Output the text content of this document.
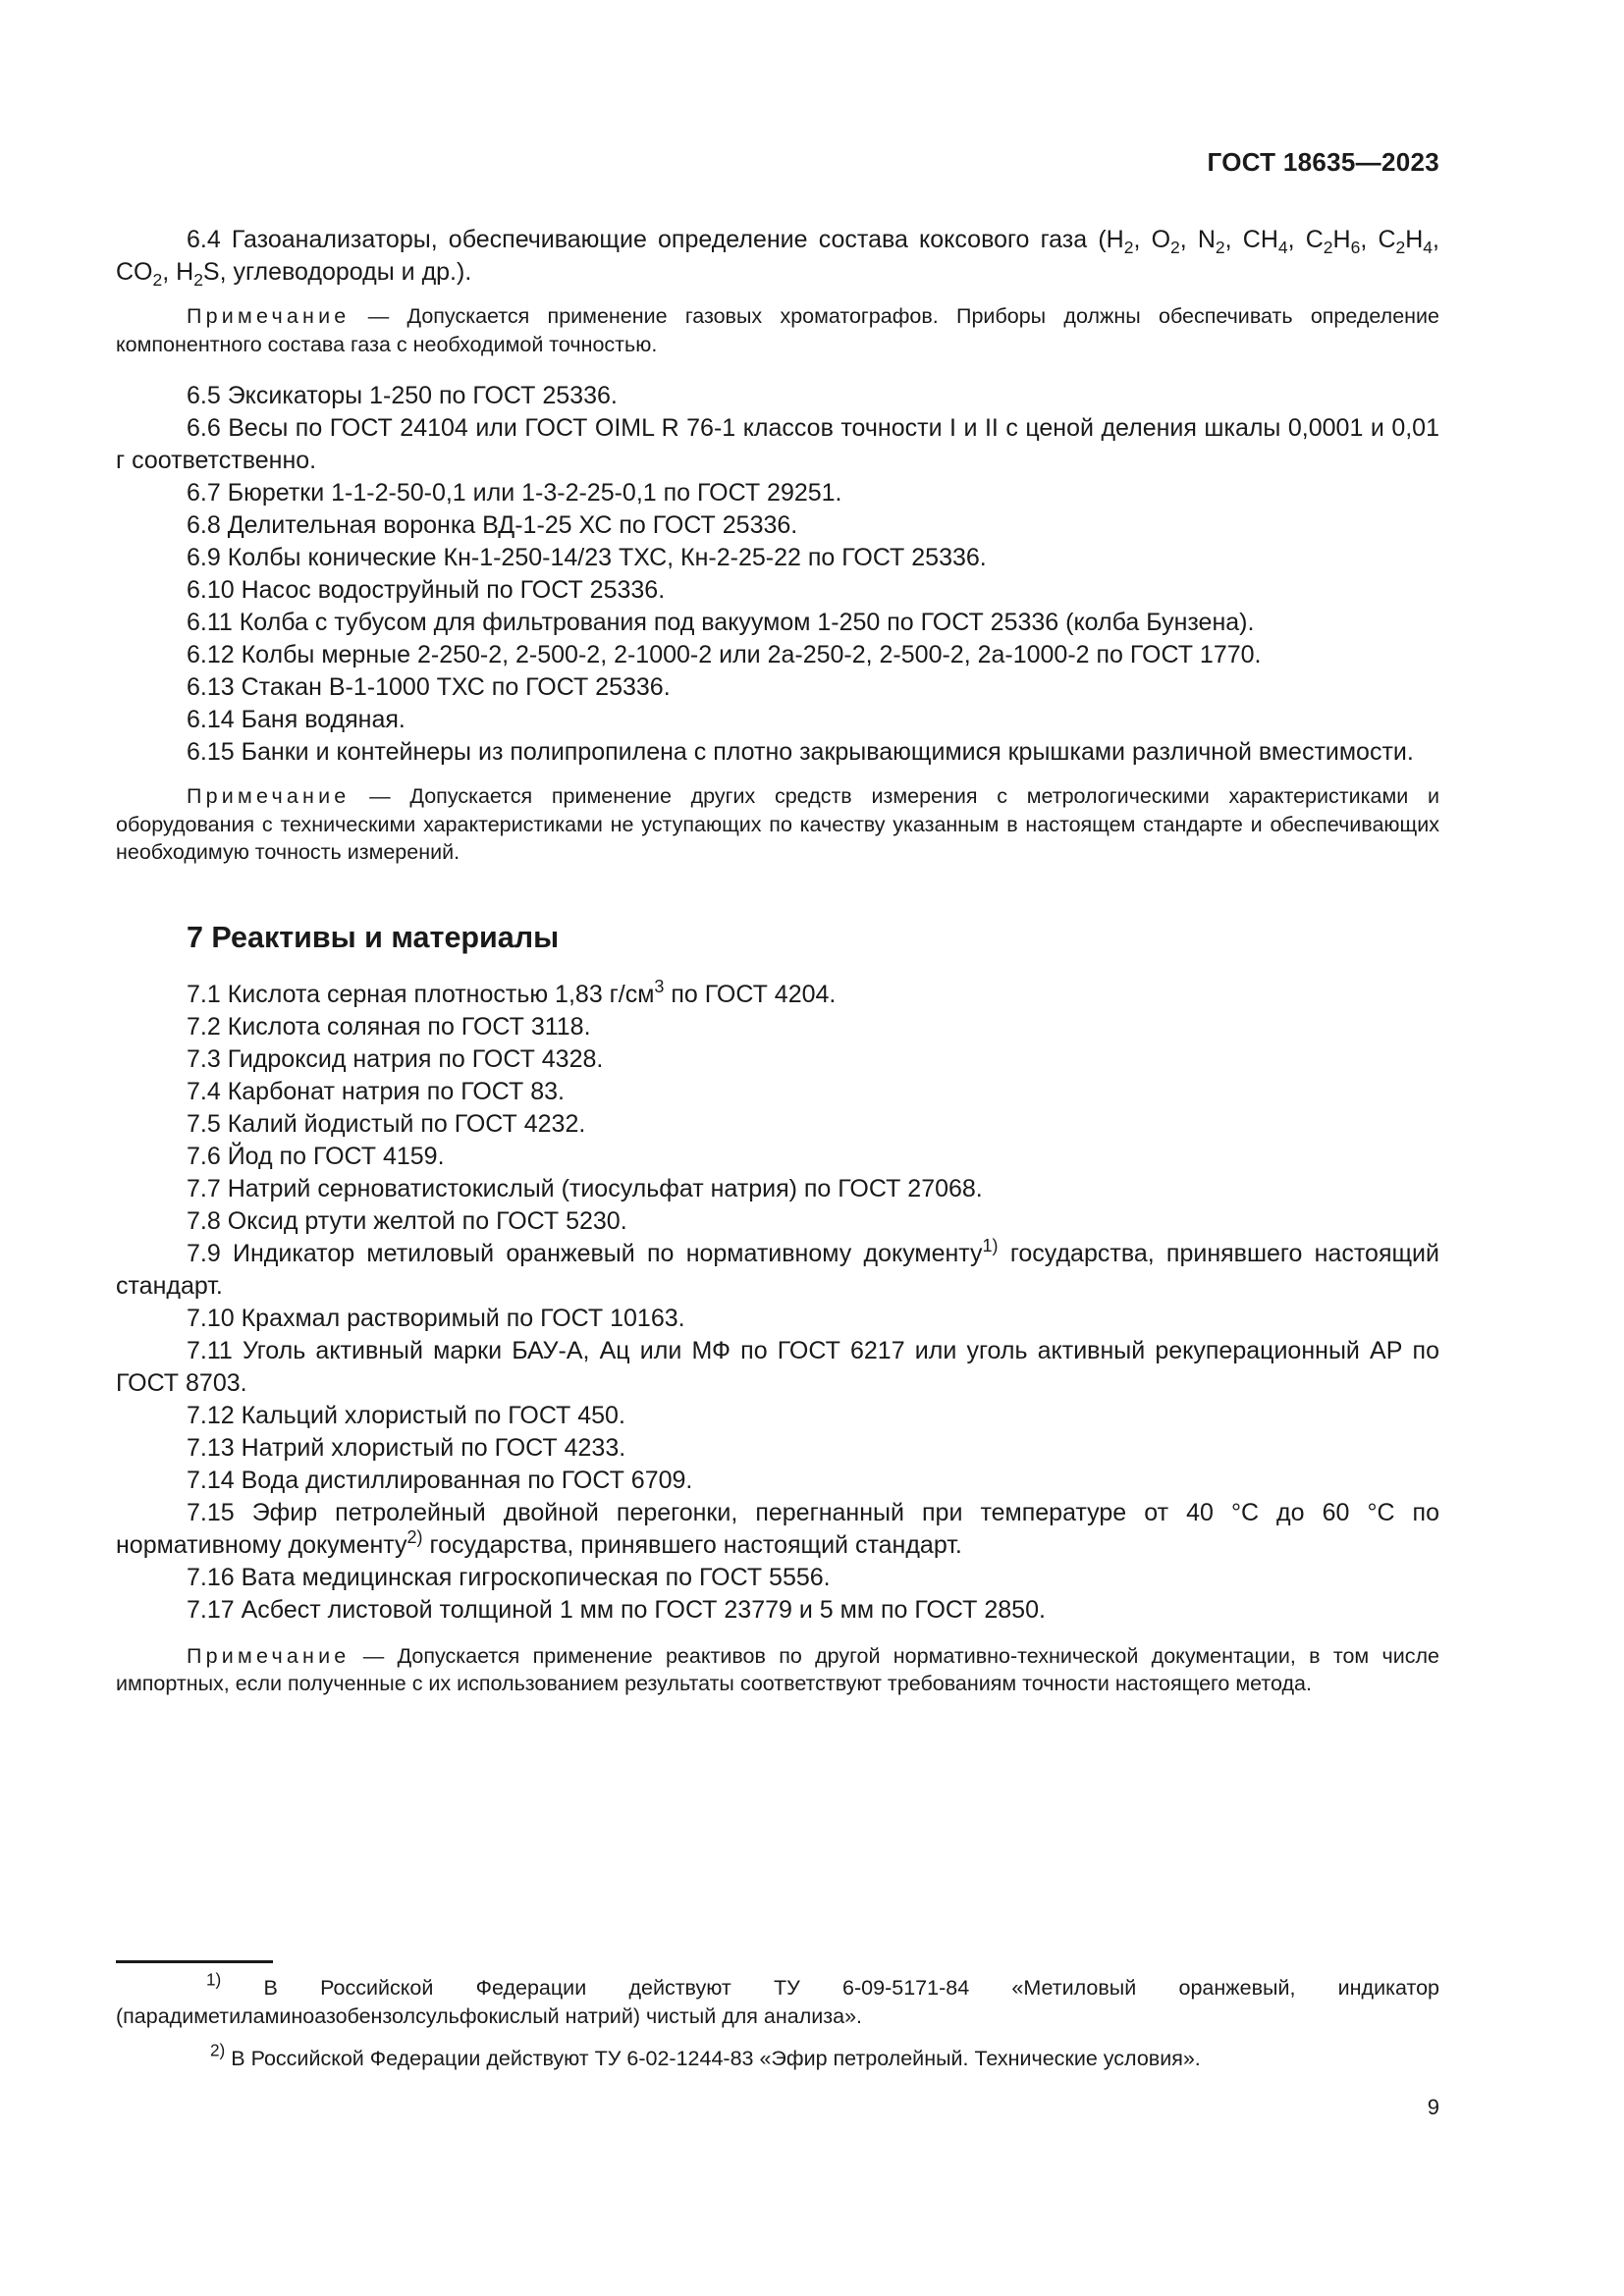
ГОСТ 18635—2023

6.4 Газоанализаторы, обеспечивающие определение состава коксового газа ($H_2$, $O_2$, $N_2$, $CH_4$, $C_2H_6$, $C_2H_4$, $CO_2$, $H_2S$, углеводороды и др.).

Примечание — Допускается применение газовых хроматографов. Приборы должны обеспечивать определение компонентного состава газа с необходимой точностью.

6.5 Эксикаторы 1-250 по ГОСТ 25336.

6.6 Весы по ГОСТ 24104 или ГОСТ OIML R 76-1 классов точности I и II с ценой деления шкалы 0,0001 и 0,01 г соответственно.

6.7 Бюретки 1-1-2-50-0,1 или 1-3-2-25-0,1 по ГОСТ 29251.

6.8 Делительная воронка ВД-1-25 ХС по ГОСТ 25336.

6.9 Колбы конические Кн-1-250-14/23 ТХС, Кн-2-25-22 по ГОСТ 25336.

6.10 Насос водоструйный по ГОСТ 25336.

6.11 Колба с тубусом для фильтрования под вакуумом 1-250 по ГОСТ 25336 (колба Бунзена).

6.12 Колбы мерные 2-250-2, 2-500-2, 2-1000-2 или 2а-250-2, 2-500-2, 2а-1000-2 по ГОСТ 1770.

6.13 Стакан В-1-1000 ТХС по ГОСТ 25336.

6.14 Баня водяная.

6.15 Банки и контейнеры из полипропилена с плотно закрывающимися крышками различной вместимости.

Примечание — Допускается применение других средств измерения с метрологическими характеристиками и оборудования с техническими характеристиками не уступающих по качеству указанным в настоящем стандарте и обеспечивающих необходимую точность измерений.

7 Реактивы и материалы

7.1 Кислота серная плотностью 1,83 $г/см^3$ по ГОСТ 4204.

7.2 Кислота соляная по ГОСТ 3118.

7.3 Гидроксид натрия по ГОСТ 4328.

7.4 Карбонат натрия по ГОСТ 83.

7.5 Калий йодистый по ГОСТ 4232.

7.6 Йод по ГОСТ 4159.

7.7 Натрий серноватистокислый (тиосульфат натрия) по ГОСТ 27068.

7.8 Оксид ртути желтой по ГОСТ 5230.

7.9 Индикатор метиловый оранжевый по нормативному документу$^{1)}$ государства, принявшего настоящий стандарт.

7.10 Крахмал растворимый по ГОСТ 10163.

7.11 Уголь активный марки БАУ-А, Ац или МФ по ГОСТ 6217 или уголь активный рекуперационный АР по ГОСТ 8703.

7.12 Кальций хлористый по ГОСТ 450.

7.13 Натрий хлористый по ГОСТ 4233.

7.14 Вода дистиллированная по ГОСТ 6709.

7.15 Эфир петролейный двойной перегонки, перегнанный при температуре от 40 °С до 60 °С по нормативному документу$^{2)}$ государства, принявшего настоящий стандарт.

7.16 Вата медицинская гигроскопическая по ГОСТ 5556.

7.17 Асбест листовой толщиной 1 мм по ГОСТ 23779 и 5 мм по ГОСТ 2850.

Примечание — Допускается применение реактивов по другой нормативно-технической документации, в том числе импортных, если полученные с их использованием результаты соответствуют требованиям точности настоящего метода.

$^{1)}$ В Российской Федерации действуют ТУ 6-09-5171-84 «Метиловый оранжевый, индикатор (парадиметиламиноазобензолсульфокислый натрий) чистый для анализа».

$^{2)}$ В Российской Федерации действуют ТУ 6-02-1244-83 «Эфир петролейный. Технические условия».

9
